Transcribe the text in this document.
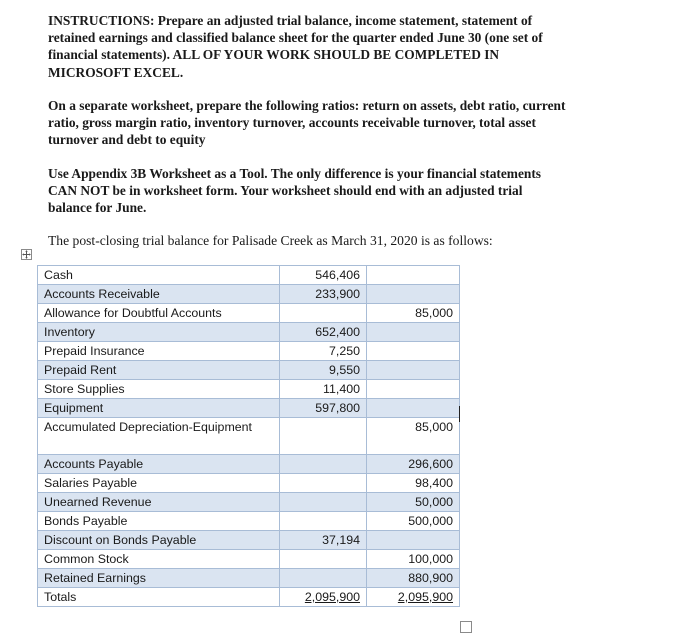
INSTRUCTIONS: Prepare an adjusted trial balance, income statement, statement of retained earnings and classified balance sheet for the quarter ended June 30 (one set of financial statements). ALL OF YOUR WORK SHOULD BE COMPLETED IN MICROSOFT EXCEL.

On a separate worksheet, prepare the following ratios: return on assets, debt ratio, current ratio, gross margin ratio, inventory turnover, accounts receivable turnover, total asset turnover and debt to equity

Use Appendix 3B Worksheet as a Tool. The only difference is your financial statements CAN NOT be in worksheet form. Your worksheet should end with an adjusted trial balance for June.

The post-closing trial balance for Palisade Creek as March 31, 2020 is as follows:

Cash	546,406	
Accounts Receivable	233,900	
Allowance for Doubtful Accounts		85,000
Inventory	652,400	
Prepaid Insurance	7,250	
Prepaid Rent	9,550	
Store Supplies	11,400	
Equipment	597,800	
Accumulated Depreciation-Equipment		85,000
Accounts Payable		296,600
Salaries Payable		98,400
Unearned Revenue		50,000
Bonds Payable		500,000
Discount on Bonds Payable	37,194	
Common Stock		100,000
Retained Earnings		880,900
Totals	2,095,900	2,095,900
